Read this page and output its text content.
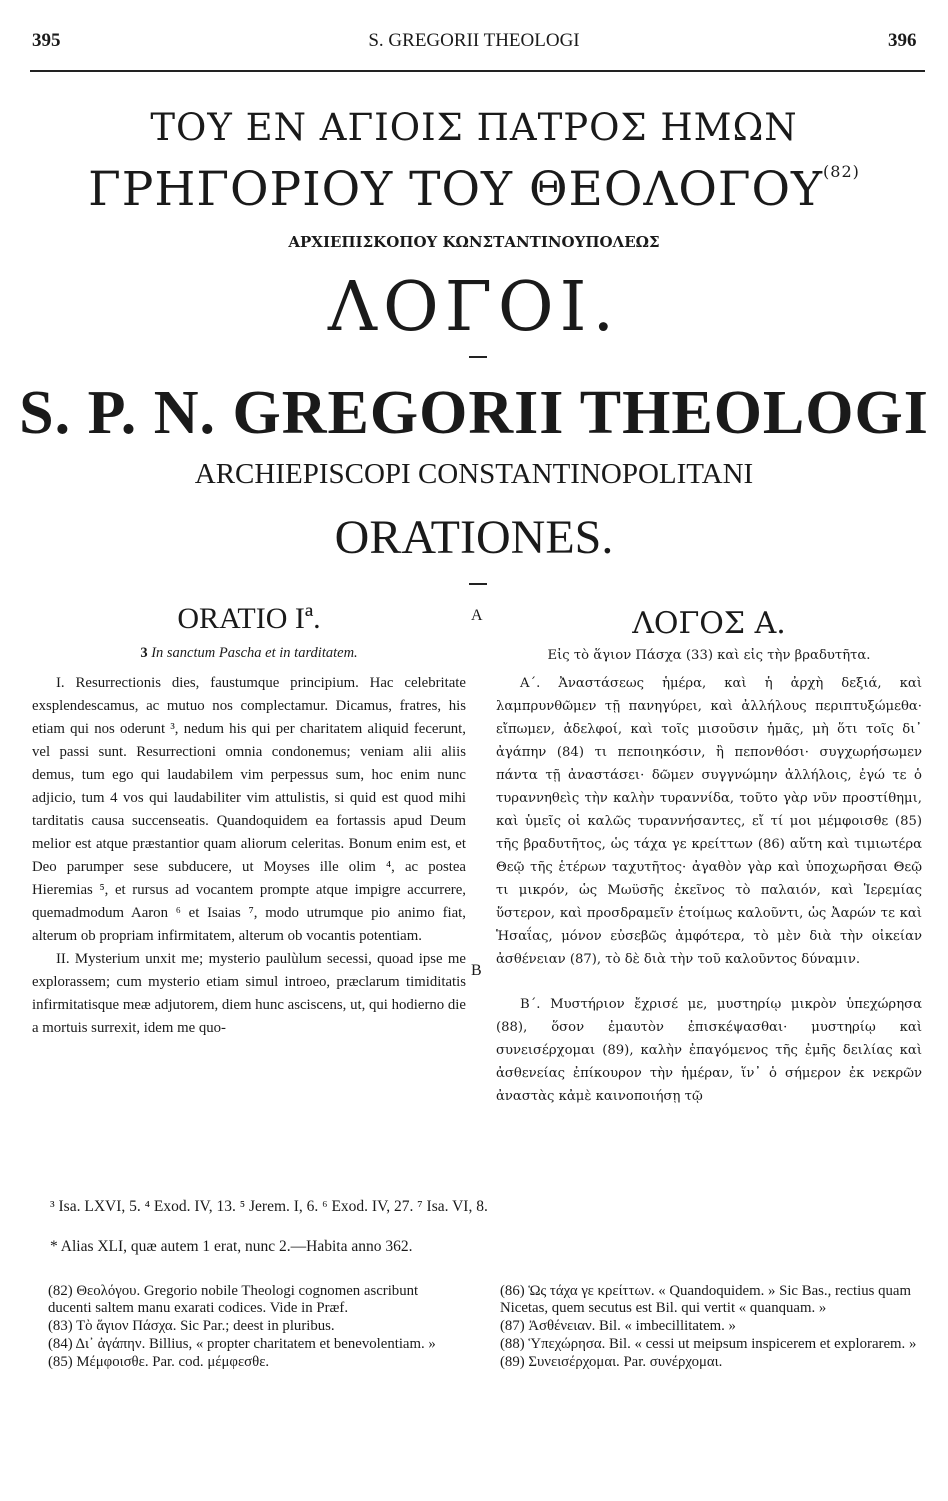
395	S. GREGORII THEOLOGI	396
ΤΟΥ ΕΝ ΑΓΙΟΙΣ ΠΑΤΡΟΣ ΗΜΩΝ
ΓΡΗΓΟΡΙΟΥ ΤΟΥ ΘΕΟΛΟΓΟΥ$^{(82)}$
ΑΡΧΙΕΠΙΣΚΟΠΟΥ ΚΩΝΣΤΑΝΤΙΝΟΥΠΟΛΕΩΣ
ΛΟΓΟΙ.
S. P. N. GREGORII THEOLOGI
ARCHIEPISCOPI CONSTANTINOPOLITANI
ORATIONES.
A
B
ORATIO Iª.
3 In sanctum Pascha et in tarditatem.

I. Resurrectionis dies, faustumque principium. Hac celebritate exsplendescamus, ac mutuo nos complectamur. Dicamus, fratres, his etiam qui nos oderunt ³, nedum his qui per charitatem aliquid fecerunt, vel passi sunt. Resurrectioni omnia condonemus; veniam alii aliis demus, tum ego qui laudabilem vim perpessus sum, hoc enim nunc adjicio, tum 4 vos qui laudabiliter vim attulistis, si quid est quod mihi tarditatis causa succenseatis. Quandoquidem ea fortassis apud Deum melior est atque præstantior quam aliorum celeritas. Bonum enim est, et Deo parumper sese subducere, ut Moyses ille olim ⁴, ac postea Hieremias ⁵, et rursus ad vocantem prompte atque impigre accurrere, quemadmodum Aaron ⁶ et Isaias ⁷, modo utrumque pio animo fiat, alterum ob propriam infirmitatem, alterum ob vocantis potentiam.

II. Mysterium unxit me; mysterio paulùlum secessi, quoad ipse me explorassem; cum mysterio etiam simul introeo, præclarum timiditatis infirmitatisque meæ adjutorem, diem hunc asciscens, ut, qui hodierno die a mortuis surrexit, idem me quo-

ΛΟΓΟΣ Α.
Εἰς τὸ ἅγιον Πάσχα (33) καὶ εἰς τὴν βραδυτῆτα.

Α΄. Ἀναστάσεως ἡμέρα, καὶ ἡ ἀρχὴ δεξιά, καὶ λαμπρυνθῶμεν τῇ πανηγύρει, καὶ ἀλλήλους περιπτυξώμεθα· εἴπωμεν, ἀδελφοί, καὶ τοῖς μισοῦσιν ἡμᾶς, μὴ ὅτι τοῖς δι᾽ ἀγάπην (84) τι πεποιηκόσιν, ἢ πεπονθόσι· συγχωρήσωμεν πάντα τῇ ἀναστάσει· δῶμεν συγγνώμην ἀλλήλοις, ἐγώ τε ὁ τυραννηθεὶς τὴν καλὴν τυραννίδα, τοῦτο γὰρ νῦν προστίθημι, καὶ ὑμεῖς οἱ καλῶς τυραννήσαντες, εἴ τί μοι μέμφοισθε (85) τῆς βραδυτῆτος, ὡς τάχα γε κρείττων (86) αὕτη καὶ τιμιωτέρα Θεῷ τῆς ἑτέρων ταχυτῆτος· ἀγαθὸν γὰρ καὶ ὑποχωρῆσαι Θεῷ τι μικρόν, ὡς Μωϋσῆς ἐκεῖνος τὸ παλαιόν, καὶ Ἱερεμίας ὕστερον, καὶ προσδραμεῖν ἑτοίμως καλοῦντι, ὡς Ἀαρών τε καὶ Ἡσαΐας, μόνον εὐσεβῶς ἀμφότερα, τὸ μὲν διὰ τὴν οἰκείαν ἀσθένειαν (87), τὸ δὲ διὰ τὴν τοῦ καλοῦντος δύναμιν.

Β΄. Μυστήριον ἔχρισέ με, μυστηρίῳ μικρὸν ὑπεχώρησα (88), ὅσον ἐμαυτὸν ἐπισκέψασθαι· μυστηρίῳ καὶ συνεισέρχομαι (89), καλὴν ἐπαγόμενος τῆς ἐμῆς δειλίας καὶ ἀσθενείας ἐπίκουρον τὴν ἡμέραν, ἵν᾽ ὁ σήμερον ἐκ νεκρῶν ἀναστὰς κἀμὲ καινοποιήσῃ τῷ

³ Isa. LXVI, 5. ⁴ Exod. IV, 13. ⁵ Jerem. I, 6. ⁶ Exod. IV, 27. ⁷ Isa. VI, 8.
* Alias XLI, quæ autem 1 erat, nunc 2.—Habita anno 362.

(82) Θεολόγου. Gregorio nobile Theologi cognomen ascribunt ducenti saltem manu exarati codices. Vide in Præf.

(83) Τὸ ἅγιον Πάσχα. Sic Par.; deest in pluribus.

(84) Δι᾽ ἀγάπην. Billius, « propter charitatem et benevolentiam. »

(85) Μέμφοισθε. Par. cod. μέμφεσθε.

(86) Ὡς τάχα γε κρείττων. « Quandoquidem. » Sic Bas., rectius quam Nicetas, quem secutus est Bil. qui vertit « quanquam. »

(87) Ἀσθένειαν. Bil. « imbecillitatem. »

(88) Ὑπεχώρησα. Bil. « cessi ut meipsum inspicerem et explorarem. »

(89) Συνεισέρχομαι. Par. συνέρχομαι.
